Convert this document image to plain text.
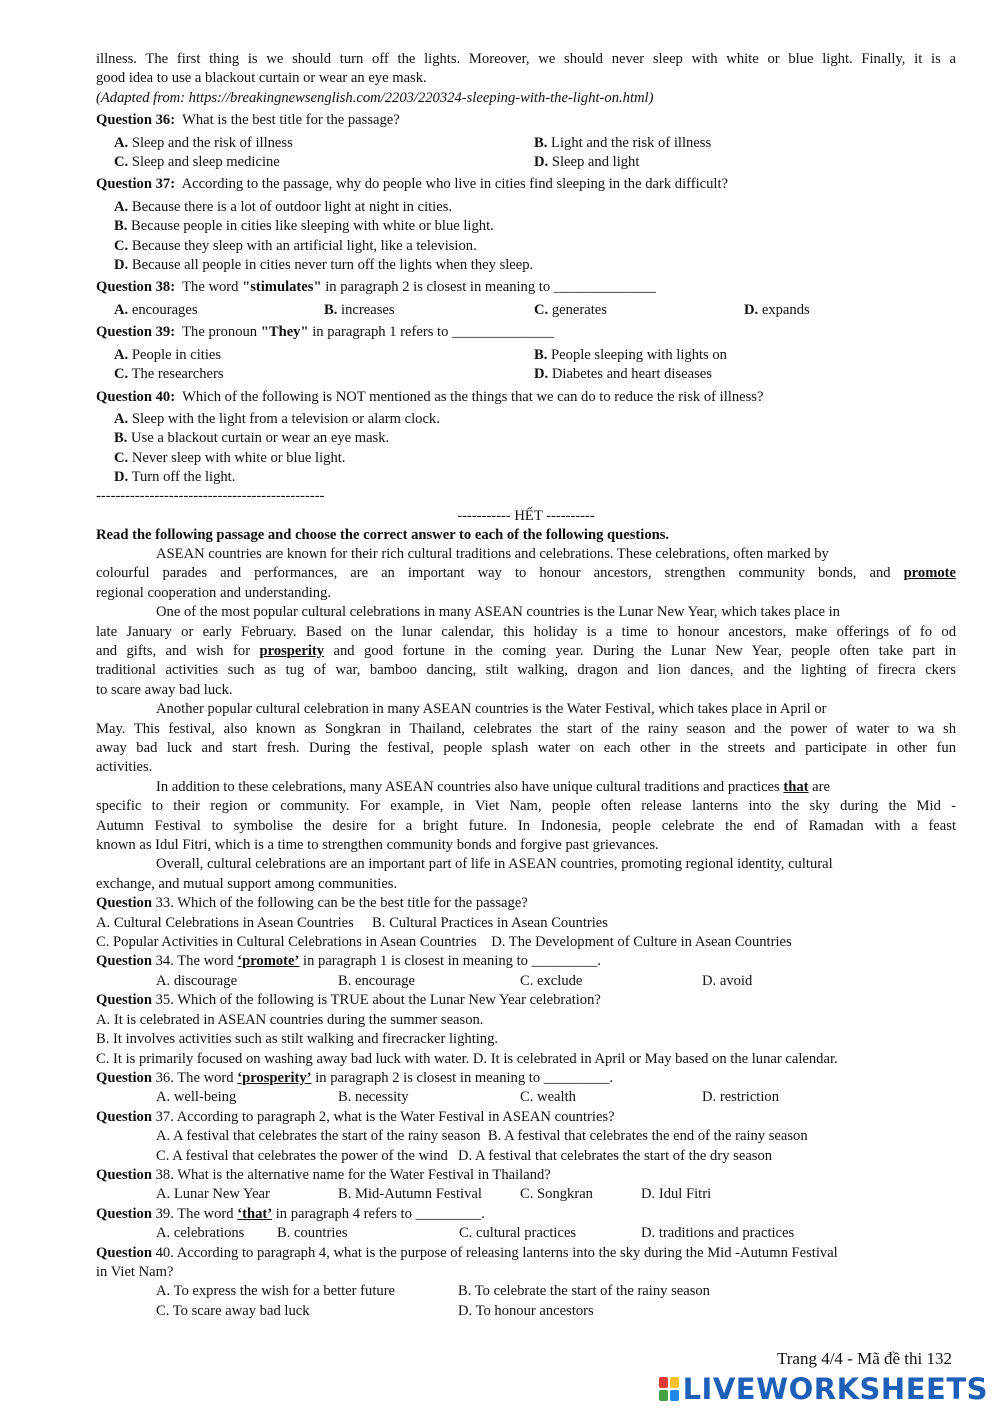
illness. The first thing is we should turn off the lights. Moreover, we should never sleep with white or blue light. Finally, it is a
good idea to use a blackout curtain or wear an eye mask.
(Adapted from: https://breakingnewsenglish.com/2203/220324-sleeping-with-the-light-on.html)
Question 36: What is the best title for the passage?
A. Sleep and the risk of illness	B. Light and the risk of illness
C. Sleep and sleep medicine	D. Sleep and light
Question 37: According to the passage, why do people who live in cities find sleeping in the dark difficult?
A. Because there is a lot of outdoor light at night in cities.
B. Because people in cities like sleeping with white or blue light.
C. Because they sleep with an artificial light, like a television.
D. Because all people in cities never turn off the lights when they sleep.
Question 38: The word "stimulates" in paragraph 2 is closest in meaning to ______________
A. encourages	B. increases	C. generates	D. expands
Question 39: The pronoun "They" in paragraph 1 refers to ______________
A. People in cities	B. People sleeping with lights on
C. The researchers	D. Diabetes and heart diseases
Question 40: Which of the following is NOT mentioned as the things that we can do to reduce the risk of illness?
A. Sleep with the light from a television or alarm clock.
B. Use a blackout curtain or wear an eye mask.
C. Never sleep with white or blue light.
D. Turn off the light.
-----------------------------------------------
----------- HẾT ----------
Read the following passage and choose the correct answer to each of the following questions.
ASEAN countries are known for their rich cultural traditions and celebrations. These celebrations, often marked by
colourful parades and performances, are an important way to honour ancestors, strengthen community bonds, and promote
regional cooperation and understanding.
One of the most popular cultural celebrations in many ASEAN countries is the Lunar New Year, which takes place in
late January or early February. Based on the lunar calendar, this holiday is a time to honour ancestors, make offerings of fo od
and gifts, and wish for prosperity and good fortune in the coming year. During the Lunar New Year, people often take part in
traditional activities such as tug of war, bamboo dancing, stilt walking, dragon and lion dances, and the lighting of firecra ckers
to scare away bad luck.
Another popular cultural celebration in many ASEAN countries is the Water Festival, which takes place in April or
May. This festival, also known as Songkran in Thailand, celebrates the start of the rainy season and the power of water to wa sh
away bad luck and start fresh. During the festival, people splash water on each other in the streets and participate in other fun
activities.
In addition to these celebrations, many ASEAN countries also have unique cultural traditions and practices that are
specific to their region or community. For example, in Viet Nam, people often release lanterns into the sky during the Mid -
Autumn Festival to symbolise the desire for a bright future. In Indonesia, people celebrate the end of Ramadan with a feast
known as Idul Fitri, which is a time to strengthen community bonds and forgive past grievances.
Overall, cultural celebrations are an important part of life in ASEAN countries, promoting regional identity, cultural
exchange, and mutual support among communities.
Question 33. Which of the following can be the best title for the passage?
A. Cultural Celebrations in Asean Countries B. Cultural Practices in Asean Countries
C. Popular Activities in Cultural Celebrations in Asean Countries D. The Development of Culture in Asean Countries
Question 34. The word ‘promote’ in paragraph 1 is closest in meaning to _________.
A. discourage	B. encourage	C. exclude	D. avoid
Question 35. Which of the following is TRUE about the Lunar New Year celebration?
A. It is celebrated in ASEAN countries during the summer season.
B. It involves activities such as stilt walking and firecracker lighting.
C. It is primarily focused on washing away bad luck with water. D. It is celebrated in April or May based on the lunar calendar.
Question 36. The word ‘prosperity’ in paragraph 2 is closest in meaning to _________.
A. well-being	B. necessity	C. wealth	D. restriction
Question 37. According to paragraph 2, what is the Water Festival in ASEAN countries?
A. A festival that celebrates the start of the rainy season
B. A festival that celebrates the end of the rainy season
C. A festival that celebrates the power of the wind D. A festival that celebrates the start of the dry season
Question 38. What is the alternative name for the Water Festival in Thailand?
A. Lunar New Year	B. Mid-Autumn Festival	C. Songkran	D. Idul Fitri
Question 39. The word ‘that’ in paragraph 4 refers to _________.
A. celebrations	B. countries	C. cultural practices	D. traditions and practices
Question 40. According to paragraph 4, what is the purpose of releasing lanterns into the sky during the Mid -Autumn Festival
in Viet Nam?
A. To express the wish for a better future	B. To celebrate the start of the rainy season
C. To scare away bad luck	D. To honour ancestors
Trang 4/4 - Mã đề thi 132
LIVEWORKSHEETS
